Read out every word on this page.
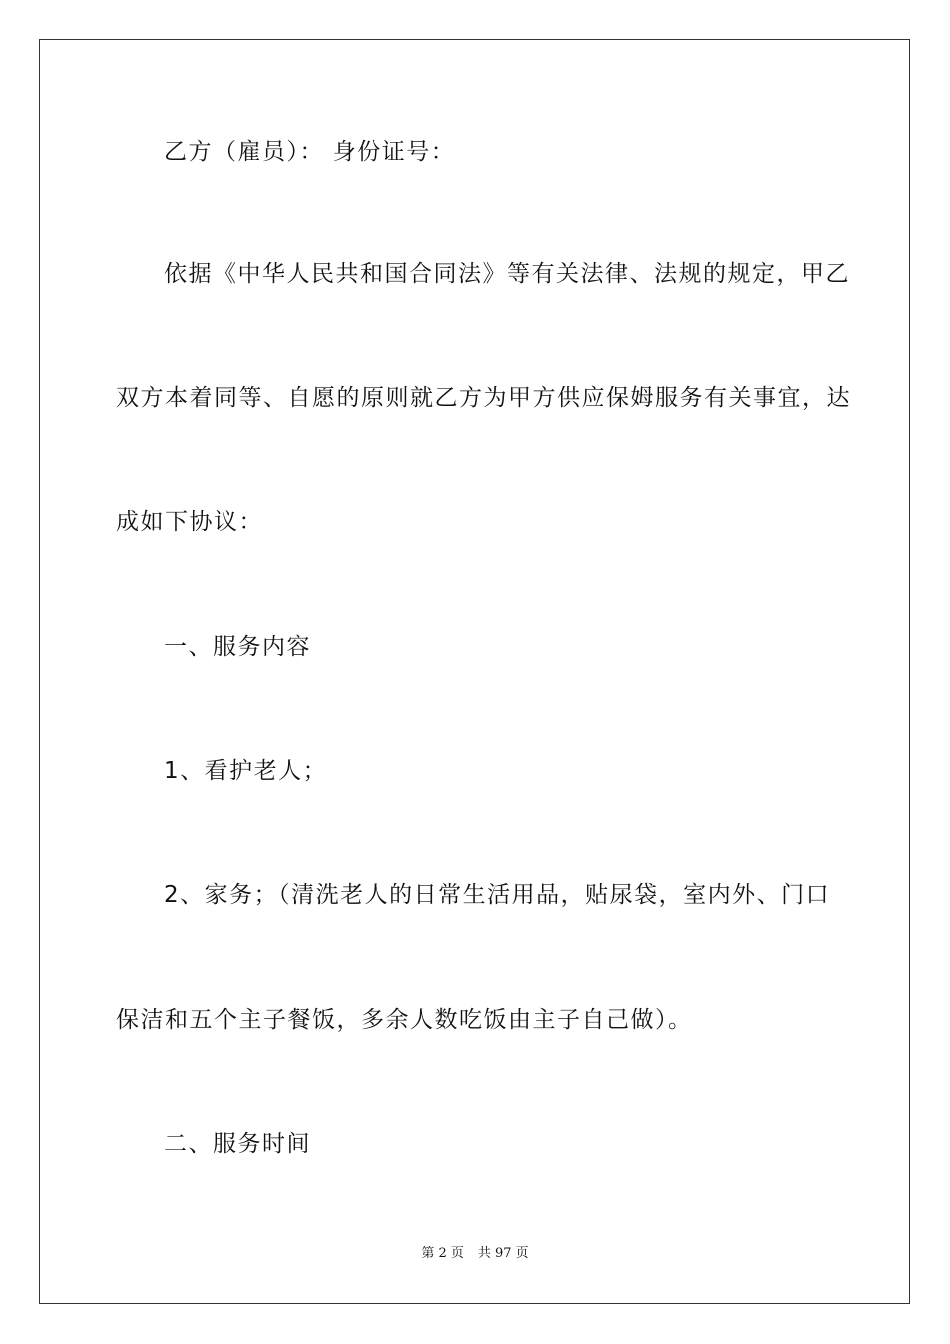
乙方（雇员）： 身份证号：
依据《中华人民共和国合同法》等有关法律、法规的规定，甲乙
双方本着同等、自愿的原则就乙方为甲方供应保姆服务有关事宜，达
成如下协议：
一、服务内容
1、看护老人；
2、家务；（清洗老人的日常生活用品，贴尿袋，室内外、门口
保洁和五个主子餐饭，多余人数吃饭由主子自己做）。
二、服务时间
第 2 页 共 97 页
